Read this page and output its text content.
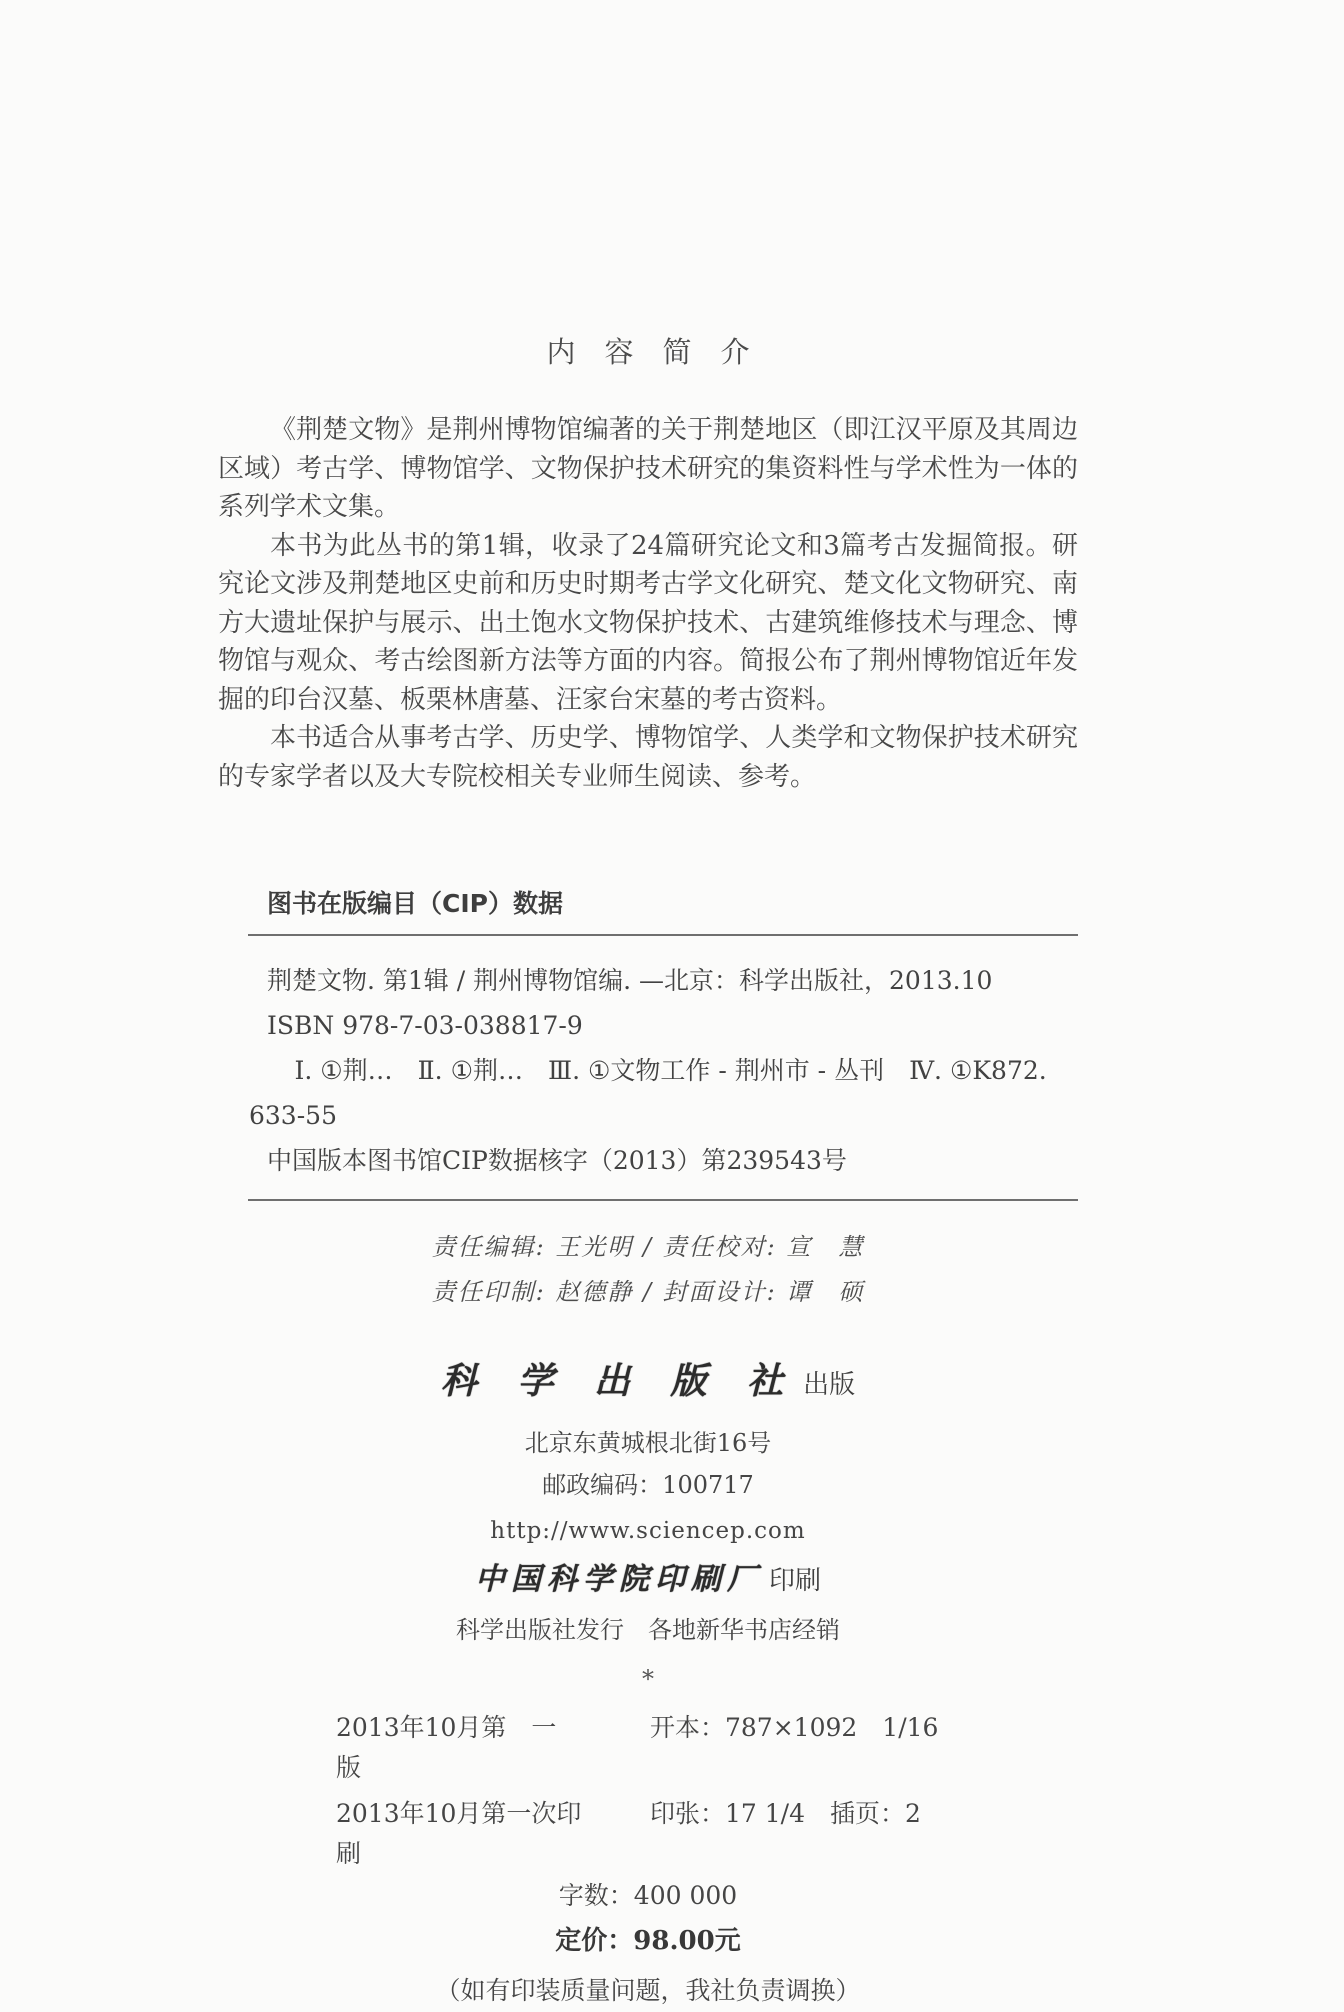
内　容　简　介

《荆楚文物》是荆州博物馆编著的关于荆楚地区（即江汉平原及其周边区域）考古学、博物馆学、文物保护技术研究的集资料性与学术性为一体的系列学术文集。

本书为此丛书的第1辑，收录了24篇研究论文和3篇考古发掘简报。研究论文涉及荆楚地区史前和历史时期考古学文化研究、楚文化文物研究、南方大遗址保护与展示、出土饱水文物保护技术、古建筑维修技术与理念、博物馆与观众、考古绘图新方法等方面的内容。简报公布了荆州博物馆近年发掘的印台汉墓、板栗林唐墓、汪家台宋墓的考古资料。

本书适合从事考古学、历史学、博物馆学、人类学和文物保护技术研究的专家学者以及大专院校相关专业师生阅读、参考。

图书在版编目（CIP）数据

荆楚文物. 第1辑 / 荆州博物馆编. —北京：科学出版社，2013.10

ISBN 978-7-03-038817-9

Ⅰ. ①荆…　Ⅱ. ①荆…　Ⅲ. ①文物工作 - 荆州市 - 丛刊　Ⅳ. ①K872.

633-55

中国版本图书馆CIP数据核字（2013）第239543号

责任编辑: 王光明 / 责任校对: 宣　慧
责任印制: 赵德静 / 封面设计: 谭　硕
科 学 出 版 社 出版
北京东黄城根北街16号
邮政编码：100717
http://www.sciencep.com
中国科学院印刷厂 印刷
科学出版社发行　各地新华书店经销
*
2013年10月第　一　版
开本：787×1092　1/16
2013年10月第一次印刷
印张：17 1/4　插页：2
字数：400 000
定价：98.00元
（如有印装质量问题，我社负责调换）
